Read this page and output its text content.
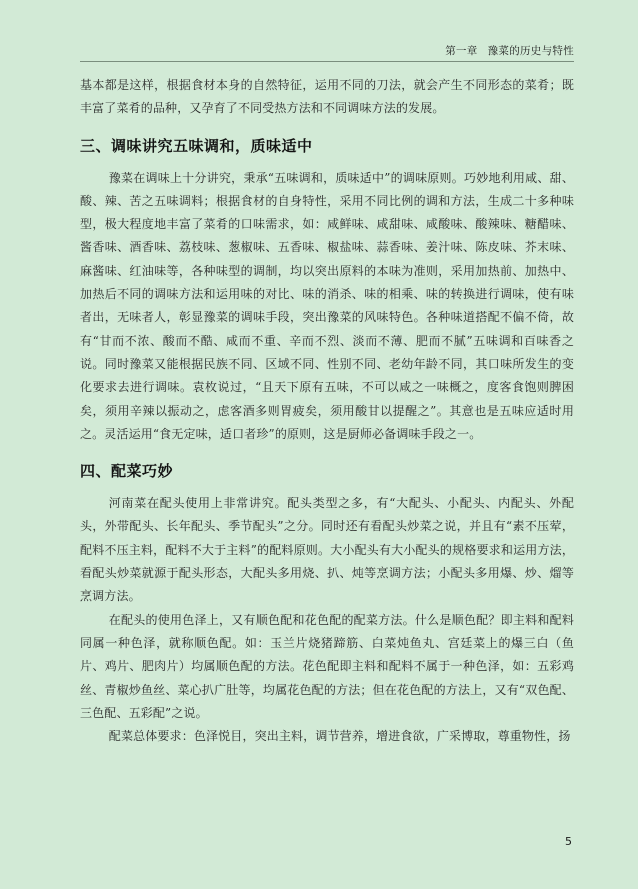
第一章 豫菜的历史与特性

基本都是这样，根据食材本身的自然特征，运用不同的刀法，就会产生不同形态的菜肴；既丰富了菜肴的品种，又孕育了不同受热方法和不同调味方法的发展。

三、调味讲究五味调和，质味适中

豫菜在调味上十分讲究，秉承“五味调和，质味适中”的调味原则。巧妙地利用咸、甜、酸、辣、苦之五味调料；根据食材的自身特性，采用不同比例的调和方法，生成二十多种味型，极大程度地丰富了菜肴的口味需求，如：咸鲜味、咸甜味、咸酸味、酸辣味、糖醋味、酱香味、酒香味、荔枝味、葱椒味、五香味、椒盐味、蒜香味、姜汁味、陈皮味、芥末味、麻酱味、红油味等，各种味型的调制，均以突出原料的本味为准则，采用加热前、加热中、加热后不同的调味方法和运用味的对比、味的消杀、味的相乘、味的转换进行调味，使有味者出，无味者人，彰显豫菜的调味手段，突出豫菜的风味特色。各种味道搭配不偏不倚，故有“甘而不浓、酸而不酷、咸而不重、辛而不烈、淡而不薄、肥而不腻”五味调和百味香之说。同时豫菜又能根据民族不同、区域不同、性别不同、老幼年龄不同，其口味所发生的变化要求去进行调味。袁枚说过，“且天下原有五味，不可以咸之一味概之，度客食饱则脾困矣，须用辛辣以振动之，虑客酒多则胃疲矣，须用酸甘以提醒之”。其意也是五味应适时用之。灵活运用“食无定味，适口者珍”的原则，这是厨师必备调味手段之一。

四、配菜巧妙

河南菜在配头使用上非常讲究。配头类型之多，有“大配头、小配头、内配头、外配头，外带配头、长年配头、季节配头”之分。同时还有看配头炒菜之说，并且有“素不压荤，配料不压主料，配料不大于主料”的配料原则。大小配头有大小配头的规格要求和运用方法，看配头炒菜就源于配头形态，大配头多用烧、扒、炖等烹调方法；小配头多用爆、炒、熘等烹调方法。

在配头的使用色泽上，又有顺色配和花色配的配菜方法。什么是顺色配？即主料和配料同属一种色泽，就称顺色配。如：玉兰片烧猪蹄筋、白菜炖鱼丸、宫廷菜上的爆三白（鱼片、鸡片、肥肉片）均属顺色配的方法。花色配即主料和配料不属于一种色泽，如：五彩鸡丝、青椒炒鱼丝、菜心扒广肚等，均属花色配的方法；但在花色配的方法上，又有“双色配、三色配、五彩配”之说。

配菜总体要求：色泽悦目，突出主料，调节营养，增进食欲，广采博取，尊重物性，扬

5
